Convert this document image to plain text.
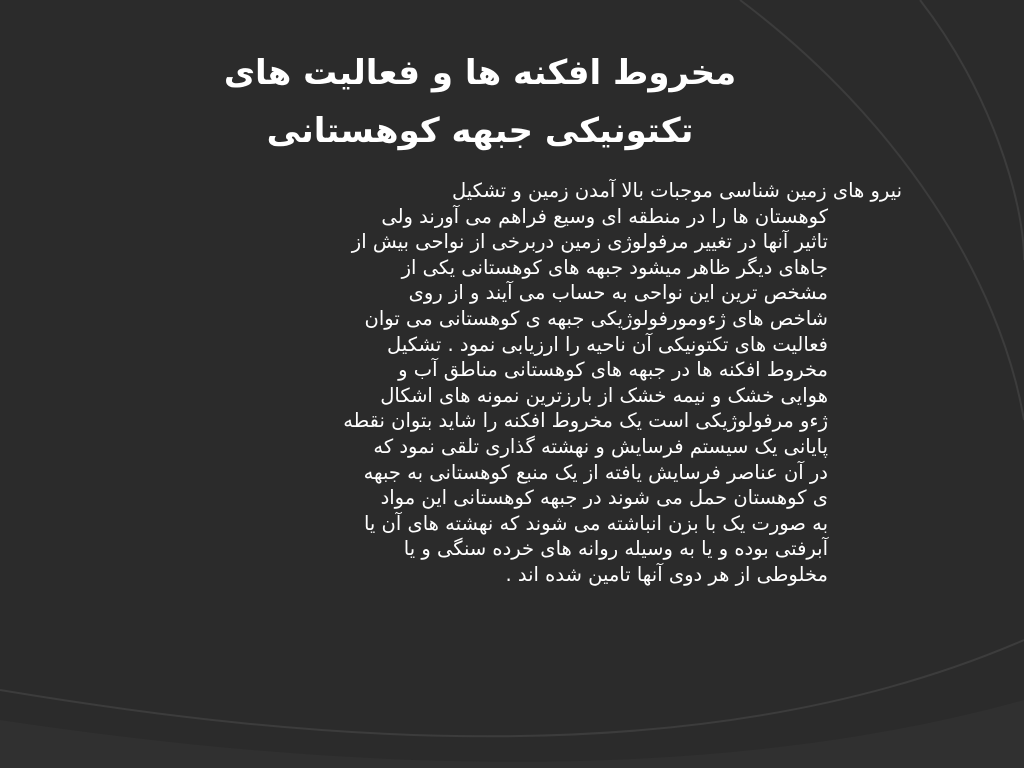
مخروط افکنه ها و فعالیت های
تکتونیکی جبهه کوهستانی
نیرو های زمین شناسی موجبات بالا آمدن زمین و تشکیل
کوهستان ها را در منطقه ای وسیع فراهم می آورند ولی
تاثیر آنها در تغییر مرفولوژی زمین دربرخی از نواحی بیش از
جاهای دیگر ظاهر میشود جبهه های کوهستانی یکی از
مشخص ترین این نواحی به حساب می آیند و از روی
شاخص های ژءومورفولوژیکی جبهه ی کوهستانی می توان
فعالیت های تکتونیکی آن ناحیه را ارزیابی نمود . تشکیل
مخروط افکنه ها در جبهه های کوهستانی مناطق آب و
هوایی خشک و نیمه خشک از بارزترین نمونه های اشکال
ژءو مرفولوژیکی است یک مخروط افکنه را شاید بتوان نقطه
پایانی یک سیستم فرسایش و نهشته گذاری تلقی نمود که
در آن عناصر فرسایش یافته از یک منبع کوهستانی به جبهه
ی کوهستان حمل می شوند در جبهه کوهستانی این مواد
به صورت یک با بزن انباشته می شوند که نهشته های آن یا
آبرفتی بوده و یا به وسیله روانه های خرده سنگی و یا
مخلوطی از هر دوی آنها تامین شده اند .
